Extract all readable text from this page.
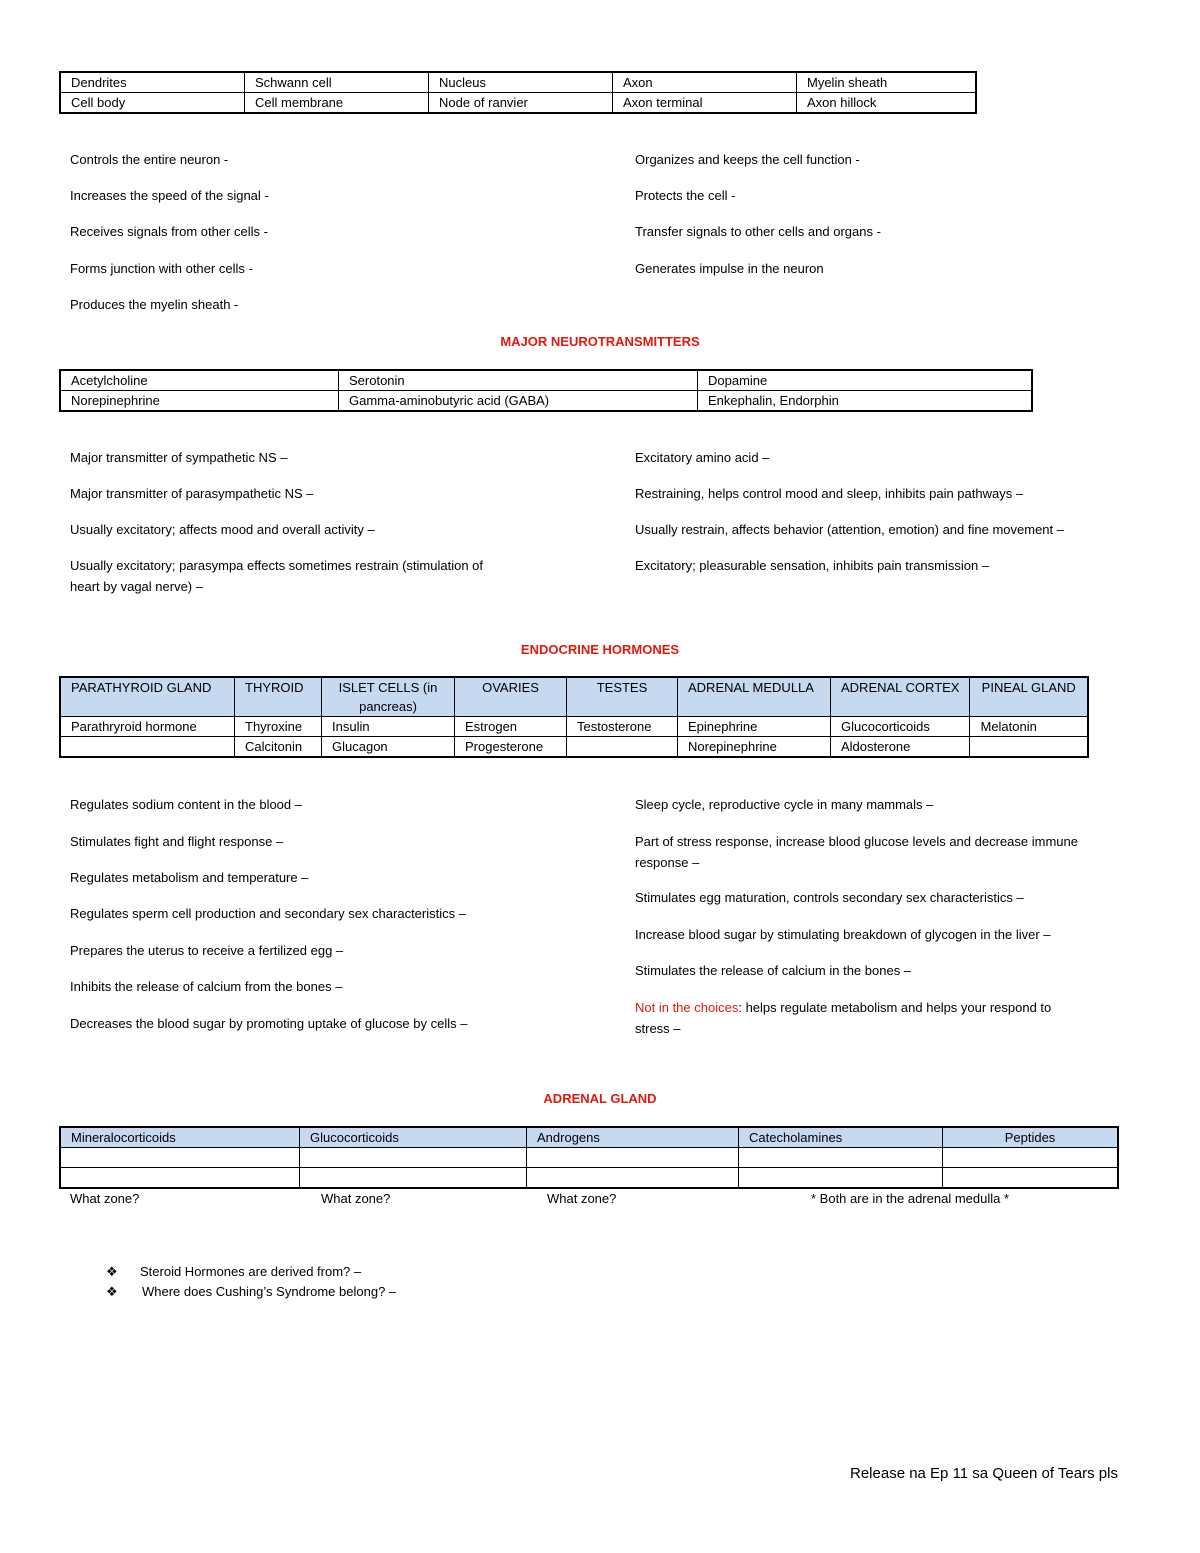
Dendrites	Schwann cell	Nucleus	Axon	Myelin sheath
Cell body	Cell membrane	Node of ranvier	Axon terminal	Axon hillock
Controls the entire neuron -
Increases the speed of the signal -
Receives signals from other cells -
Forms junction with other cells -
Produces the myelin sheath -
Organizes and keeps the cell function -
Protects the cell -
Transfer signals to other cells and organs -
Generates impulse in the neuron
MAJOR NEUROTRANSMITTERS
Acetylcholine	Serotonin	Dopamine
Norepinephrine	Gamma-aminobutyric acid (GABA)	Enkephalin, Endorphin
Major transmitter of sympathetic NS –
Major transmitter of parasympathetic NS –
Usually excitatory; affects mood and overall activity –
Usually excitatory; parasympa effects sometimes restrain (stimulation of
heart by vagal nerve) –
Excitatory amino acid –
Restraining, helps control mood and sleep, inhibits pain pathways –
Usually restrain, affects behavior (attention, emotion) and fine movement –
Excitatory; pleasurable sensation, inhibits pain transmission –
ENDOCRINE HORMONES
PARATHYROID GLAND	THYROID	ISLET CELLS (in
pancreas)	OVARIES	TESTES	ADRENAL MEDULLA	ADRENAL CORTEX	PINEAL GLAND
Parathryroid hormone	Thyroxine	Insulin	Estrogen	Testosterone	Epinephrine	Glucocorticoids	Melatonin
	Calcitonin	Glucagon	Progesterone		Norepinephrine	Aldosterone	
Regulates sodium content in the blood –
Stimulates fight and flight response –
Regulates metabolism and temperature –
Regulates sperm cell production and secondary sex characteristics –
Prepares the uterus to receive a fertilized egg –
Inhibits the release of calcium from the bones –
Decreases the blood sugar by promoting uptake of glucose by cells –
Sleep cycle, reproductive cycle in many mammals –
Part of stress response, increase blood glucose levels and decrease immune
response –
Stimulates egg maturation, controls secondary sex characteristics –
Increase blood sugar by stimulating breakdown of glycogen in the liver –
Stimulates the release of calcium in the bones –
Not in the choices: helps regulate metabolism and helps your respond to
stress –
ADRENAL GLAND
Mineralocorticoids	Glucocorticoids	Androgens	Catecholamines	Peptides

What zone?	What zone?	What zone?	* Both are in the adrenal medulla *
❖ Steroid Hormones are derived from? –
❖ Where does Cushing’s Syndrome belong? –
Release na Ep 11 sa Queen of Tears pls
